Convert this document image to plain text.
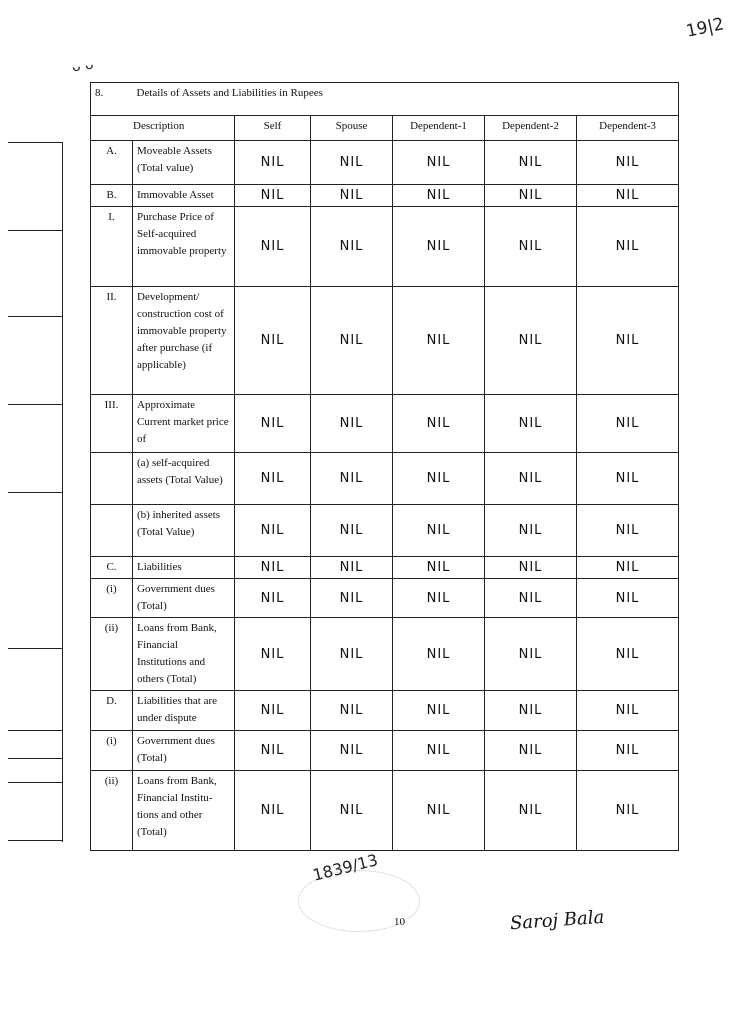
19|2
ᴗ ᴗ
8.	Details of Assets and Liabilities in Rupees					
Description		Self	Spouse	Dependent-1	Dependent-2	Dependent-3
A.	Moveable Assets (Total value)	NIL	NIL	NIL	NIL	NIL
B.	Immovable Asset	NIL	NIL	NIL	NIL	NIL
I.	Purchase Price of Self-acquired immovable property	NIL	NIL	NIL	NIL	NIL
II.	Development/ construction cost of immovable property after purchase (if applicable)	NIL	NIL	NIL	NIL	NIL
III.	Approximate Current market price of	NIL	NIL	NIL	NIL	NIL
	(a) self-acquired assets (Total Value)	NIL	NIL	NIL	NIL	NIL
	(b) inherited assets (Total Value)	NIL	NIL	NIL	NIL	NIL
C.	Liabilities	NIL	NIL	NIL	NIL	NIL
(i)	Government dues (Total)	NIL	NIL	NIL	NIL	NIL
(ii)	Loans from Bank, Financial Institutions and others (Total)	NIL	NIL	NIL	NIL	NIL
D.	Liabilities that are under dispute	NIL	NIL	NIL	NIL	NIL
(i)	Government dues (Total)	NIL	NIL	NIL	NIL	NIL
(ii)	Loans from Bank, Financial Institu- tions and other (Total)	NIL	NIL	NIL	NIL	NIL
1839/13
10	Saroj Bala
